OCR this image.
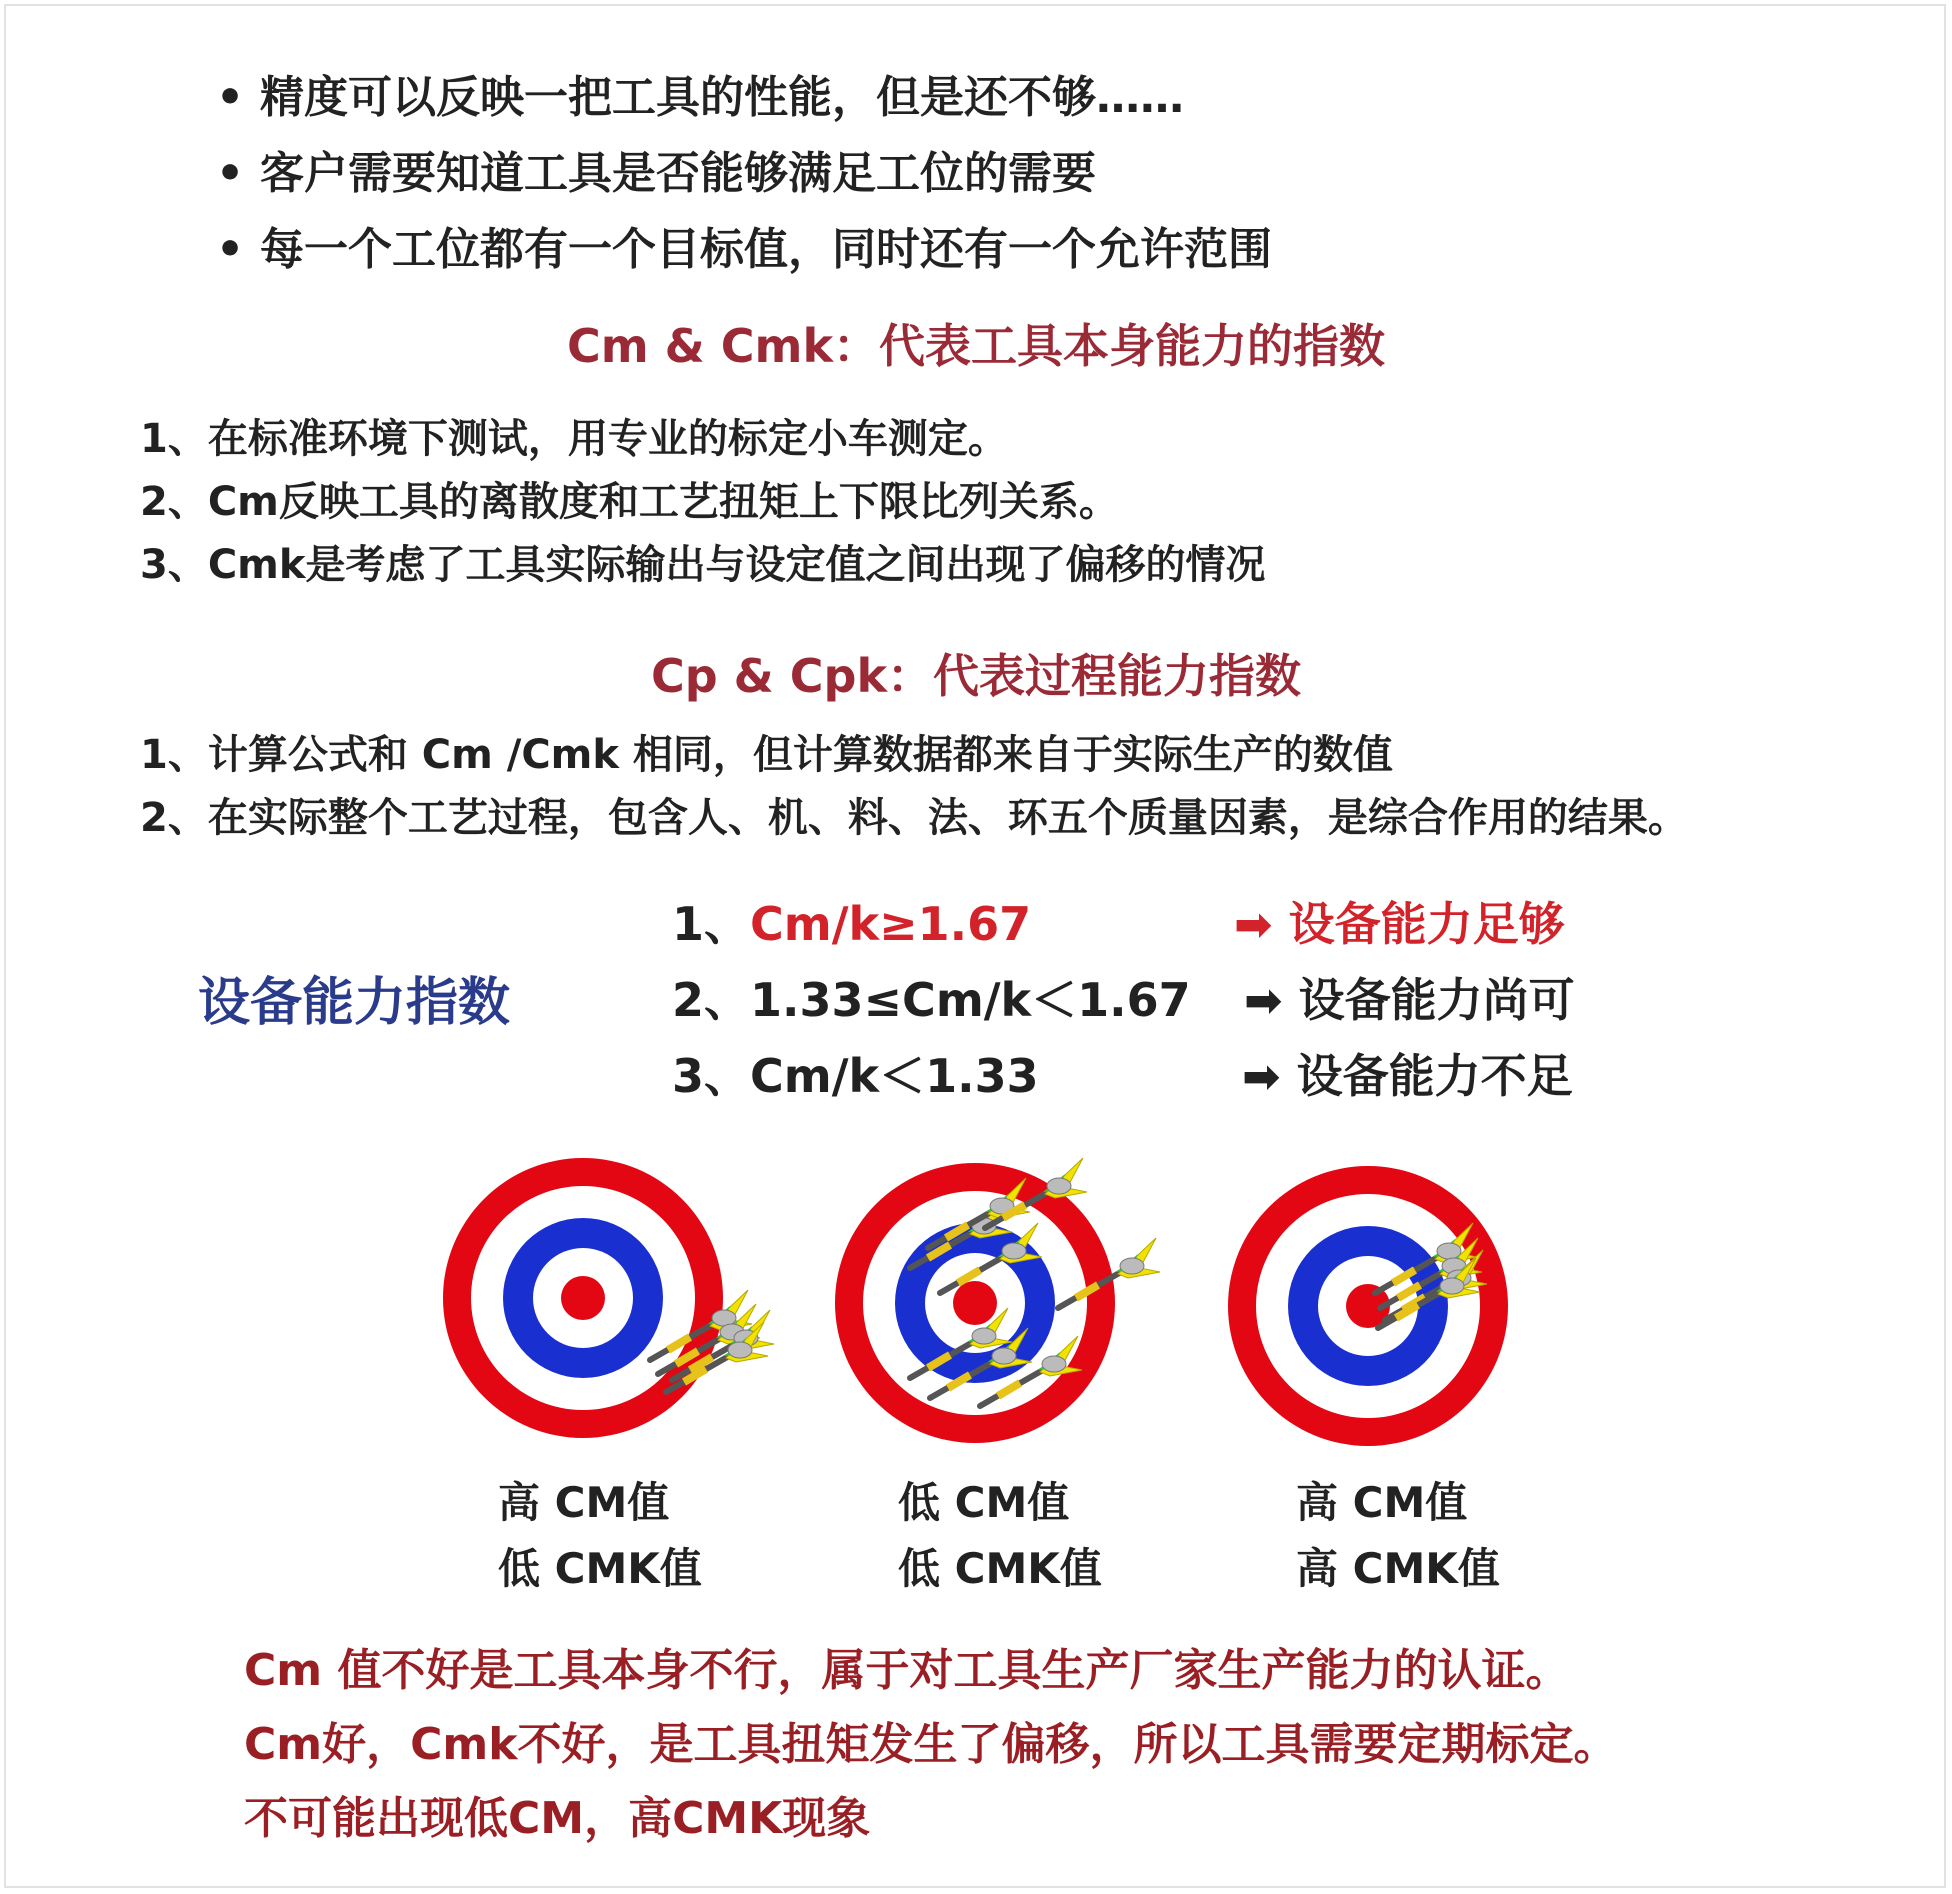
• 精度可以反映一把工具的性能，但是还不够……
• 客户需要知道工具是否能够满足工位的需要
• 每一个工位都有一个目标值，同时还有一个允许范围
Cm & Cmk：代表工具本身能力的指数
1、在标准环境下测试，用专业的标定小车测定。
2、Cm反映工具的离散度和工艺扭矩上下限比列关系。
3、Cmk是考虑了工具实际输出与设定值之间出现了偏移的情况
Cp & Cpk：代表过程能力指数
1、计算公式和 Cm /Cmk 相同，但计算数据都来自于实际生产的数值
2、在实际整个工艺过程，包含人、机、料、法、环五个质量因素，是综合作用的结果。
设备能力指数
1、Cm/k≥1.67	➡ 设备能力足够
2、1.33≤Cm/k＜1.67 ➡ 设备能力尚可
3、Cm/k＜1.33	➡ 设备能力不足
高 CM值
低 CMK值
低 CM值
低 CMK值
高 CM值
高 CMK值
Cm 值不好是工具本身不行，属于对工具生产厂家生产能力的认证。
Cm好，Cmk不好，是工具扭矩发生了偏移，所以工具需要定期标定。
不可能出现低CM，高CMK现象
